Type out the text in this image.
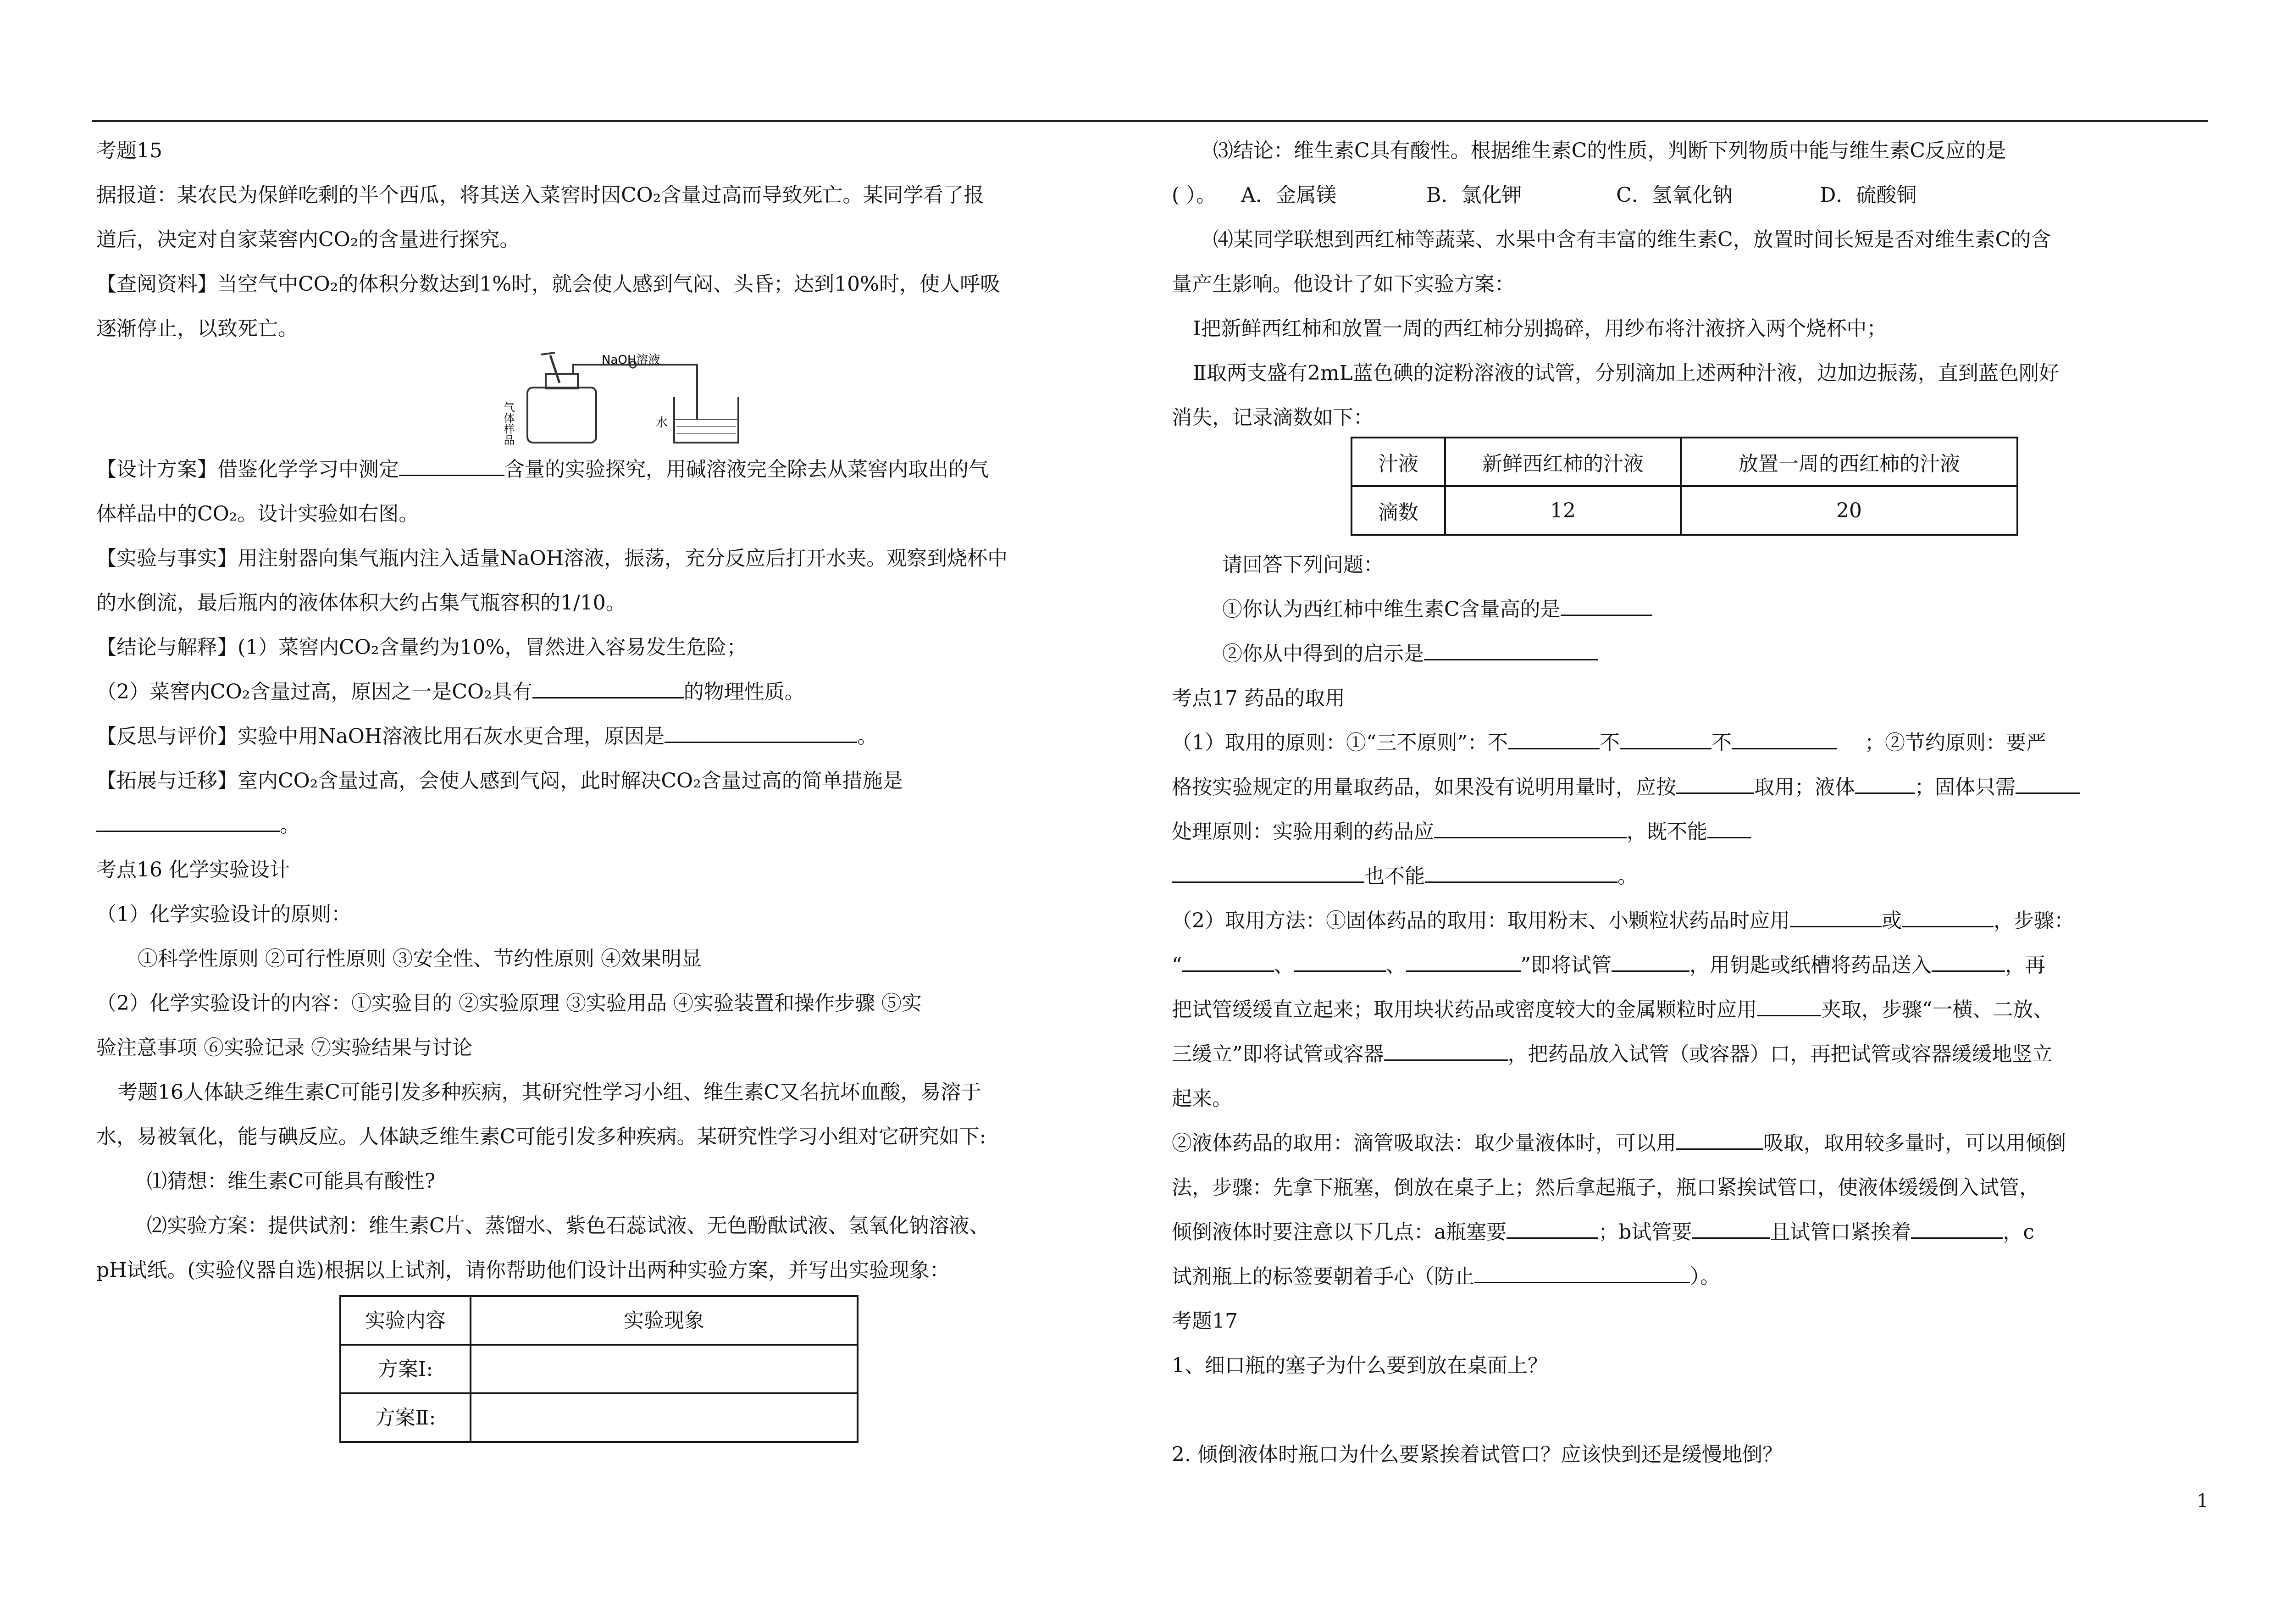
考题15

据报道：某农民为保鲜吃剩的半个西瓜，将其送入菜窖时因CO₂含量过高而导致死亡。某同学看了报

道后，决定对自家菜窖内CO₂的含量进行探究。

【查阅资料】当空气中CO₂的体积分数达到1%时，就会使人感到气闷、头昏；达到10%时，使人呼吸

逐渐停止，以致死亡。

NaOH溶液
气体样品	水

【设计方案】借鉴化学学习中测定	含量的实验探究，用碱溶液完全除去从菜窖内取出的气

体样品中的CO₂。设计实验如右图。

【实验与事实】用注射器向集气瓶内注入适量NaOH溶液，振荡，充分反应后打开水夹。观察到烧杯中

的水倒流，最后瓶内的液体体积大约占集气瓶容积的1/10。

【结论与解释】(1）菜窖内CO₂含量约为10%，冒然进入容易发生危险；

（2）菜窖内CO₂含量过高，原因之一是CO₂具有	的物理性质。

【反思与评价】实验中用NaOH溶液比用石灰水更合理，原因是	。

【拓展与迁移】室内CO₂含量过高，会使人感到气闷，此时解决CO₂含量过高的简单措施是

。

考点16 化学实验设计

（1）化学实验设计的原则：

①科学性原则 ②可行性原则 ③安全性、节约性原则 ④效果明显

（2）化学实验设计的内容：①实验目的 ②实验原理 ③实验用品 ④实验装置和操作步骤 ⑤实

验注意事项 ⑥实验记录 ⑦实验结果与讨论

考题16人体缺乏维生素C可能引发多种疾病，其研究性学习小组、维生素C又名抗坏血酸，易溶于

水，易被氧化，能与碘反应。人体缺乏维生素C可能引发多种疾病。某研究性学习小组对它研究如下:

⑴猜想：维生素C可能具有酸性?

⑵实验方案：提供试剂：维生素C片、蒸馏水、紫色石蕊试液、无色酚酞试液、氢氧化钠溶液、

pH试纸。(实验仪器自选)根据以上试剂，请你帮助他们设计出两种实验方案，并写出实验现象：

实验内容	实验现象
方案Ⅰ:	
方案Ⅱ:	

⑶结论：维生素C具有酸性。根据维生素C的性质，判断下列物质中能与维生素C反应的是

( ）。 A．金属镁	B．氯化钾	C．氢氧化钠	D．硫酸铜

⑷某同学联想到西红柿等蔬菜、水果中含有丰富的维生素C，放置时间长短是否对维生素C的含

量产生影响。他设计了如下实验方案：

Ⅰ把新鲜西红柿和放置一周的西红柿分别捣碎，用纱布将汁液挤入两个烧杯中；

Ⅱ取两支盛有2mL蓝色碘的淀粉溶液的试管，分别滴加上述两种汁液，边加边振荡，直到蓝色刚好

消失，记录滴数如下：

请回答下列问题：

①你认为西红柿中维生素C含量高的是

②你从中得到的启示是

考点17 药品的取用

（1）取用的原则：①“三不原则”：不	不	不	；②节约原则：要严

格按实验规定的用量取药品，如果没有说明用量时，应按	取用；液体	；固体只需

处理原则：实验用剩的药品应	，既不能

也不能	。

（2）取用方法：①固体药品的取用：取用粉末、小颗粒状药品时应用	或	，步骤：

“	、	、	”即将试管	，用钥匙或纸槽将药品送入	，再

把试管缓缓直立起来；取用块状药品或密度较大的金属颗粒时应用	夹取，步骤“一横、二放、

三缓立”即将试管或容器	，把药品放入试管（或容器）口，再把试管或容器缓缓地竖立

起来。

②液体药品的取用：滴管吸取法：取少量液体时，可以用	吸取，取用较多量时，可以用倾倒

法，步骤：先拿下瓶塞，倒放在桌子上；然后拿起瓶子，瓶口紧挨试管口，使液体缓缓倒入试管，

倾倒液体时要注意以下几点：a瓶塞要	；b试管要	且试管口紧挨着	，c

试剂瓶上的标签要朝着手心（防止	）。

考题17

1、细口瓶的塞子为什么要到放在桌面上？

2. 倾倒液体时瓶口为什么要紧挨着试管口？应该快到还是缓慢地倒？

汁液	新鲜西红柿的汁液	放置一周的西红柿的汁液
滴数	12	20
1
